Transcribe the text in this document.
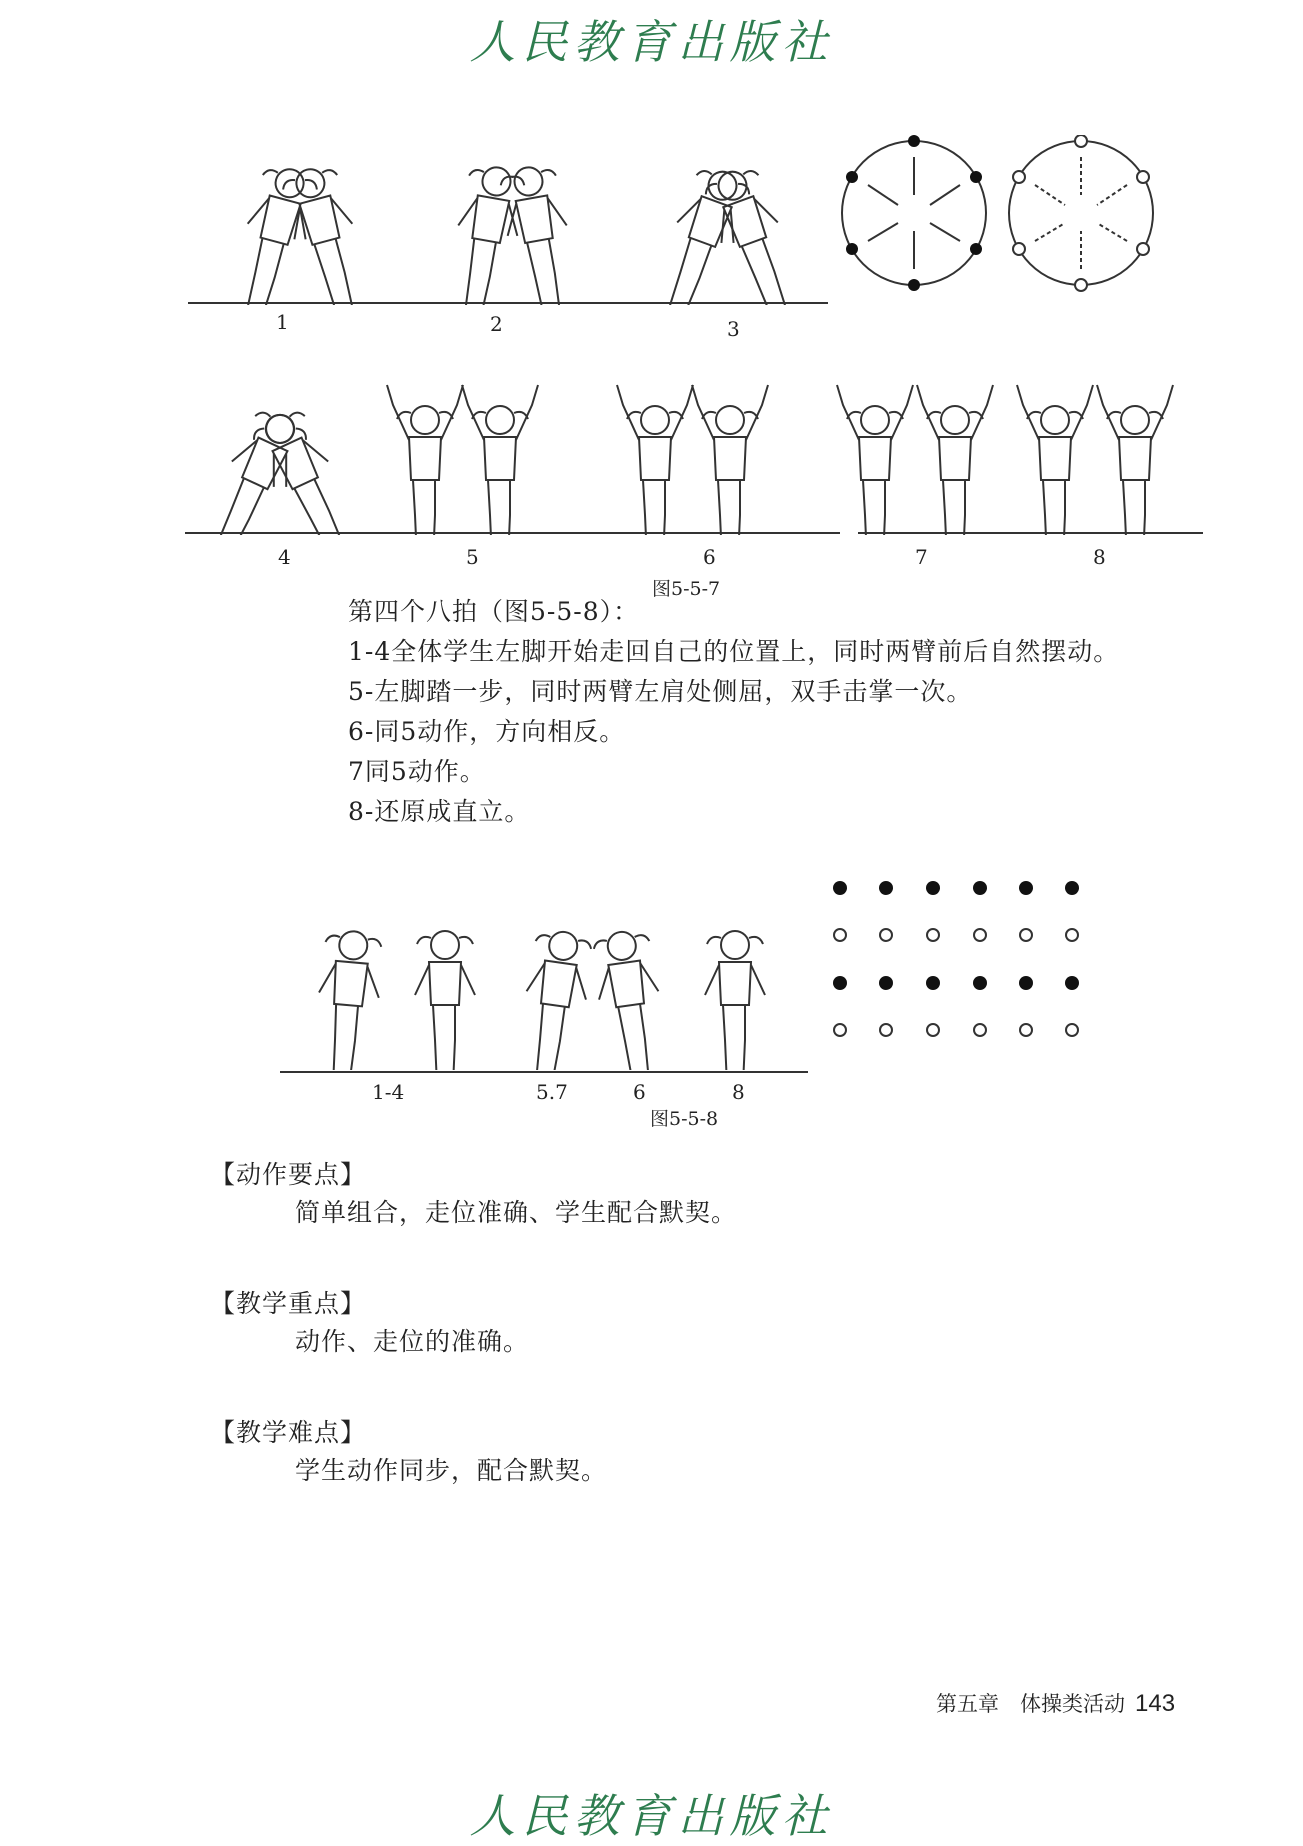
人民教育出版社
1	2	3
4	5	6	7	8
图5-5-7
第四个八拍（图5-5-8）：
1-4全体学生左脚开始走回自己的位置上，同时两臂前后自然摆动。
5-左脚踏一步，同时两臂左肩处侧屈，双手击掌一次。
6-同5动作，方向相反。
7同5动作。
8-还原成直立。
1-4	5.7	6	8
图5-5-8
【动作要点】
简单组合，走位准确、学生配合默契。
【教学重点】
动作、走位的准确。
【教学难点】
学生动作同步，配合默契。
第五章　体操类活动 143
人民教育出版社
